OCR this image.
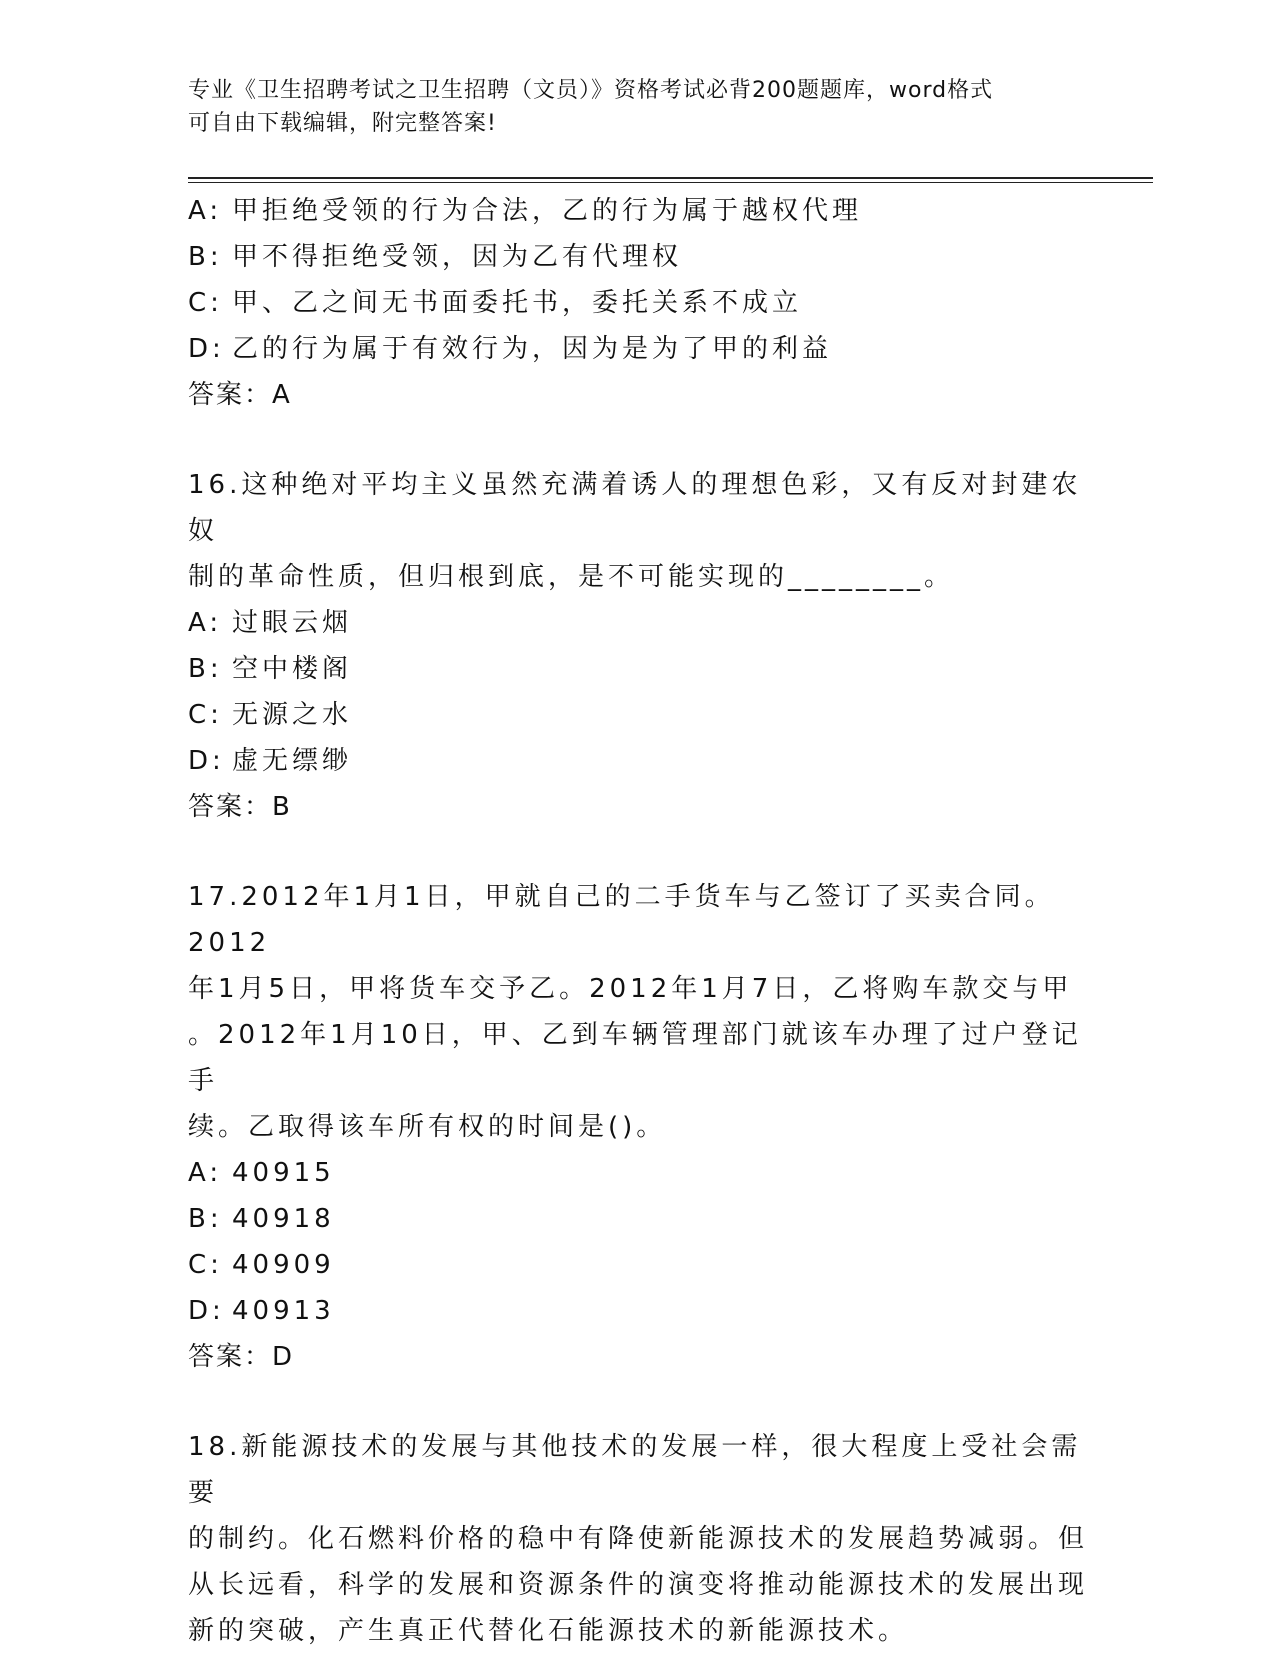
专业《卫生招聘考试之卫生招聘（文员）》资格考试必背200题题库，word格式
可自由下载编辑，附完整答案!
A: 甲拒绝受领的行为合法，乙的行为属于越权代理
B: 甲不得拒绝受领，因为乙有代理权
C: 甲、乙之间无书面委托书，委托关系不成立
D: 乙的行为属于有效行为，因为是为了甲的利益
答案：A
16.这种绝对平均主义虽然充满着诱人的理想色彩，又有反对封建农奴
制的革命性质，但归根到底，是不可能实现的________。
A: 过眼云烟
B: 空中楼阁
C: 无源之水
D: 虚无缥缈
答案：B
17.2012年1月1日，甲就自己的二手货车与乙签订了买卖合同。2012
年1月5日，甲将货车交予乙。2012年1月7日，乙将购车款交与甲
。2012年1月10日，甲、乙到车辆管理部门就该车办理了过户登记手
续。乙取得该车所有权的时间是()。
A: 40915
B: 40918
C: 40909
D: 40913
答案：D
18.新能源技术的发展与其他技术的发展一样，很大程度上受社会需要
的制约。化石燃料价格的稳中有降使新能源技术的发展趋势减弱。但
从长远看，科学的发展和资源条件的演变将推动能源技术的发展出现
新的突破，产生真正代替化石能源技术的新能源技术。
